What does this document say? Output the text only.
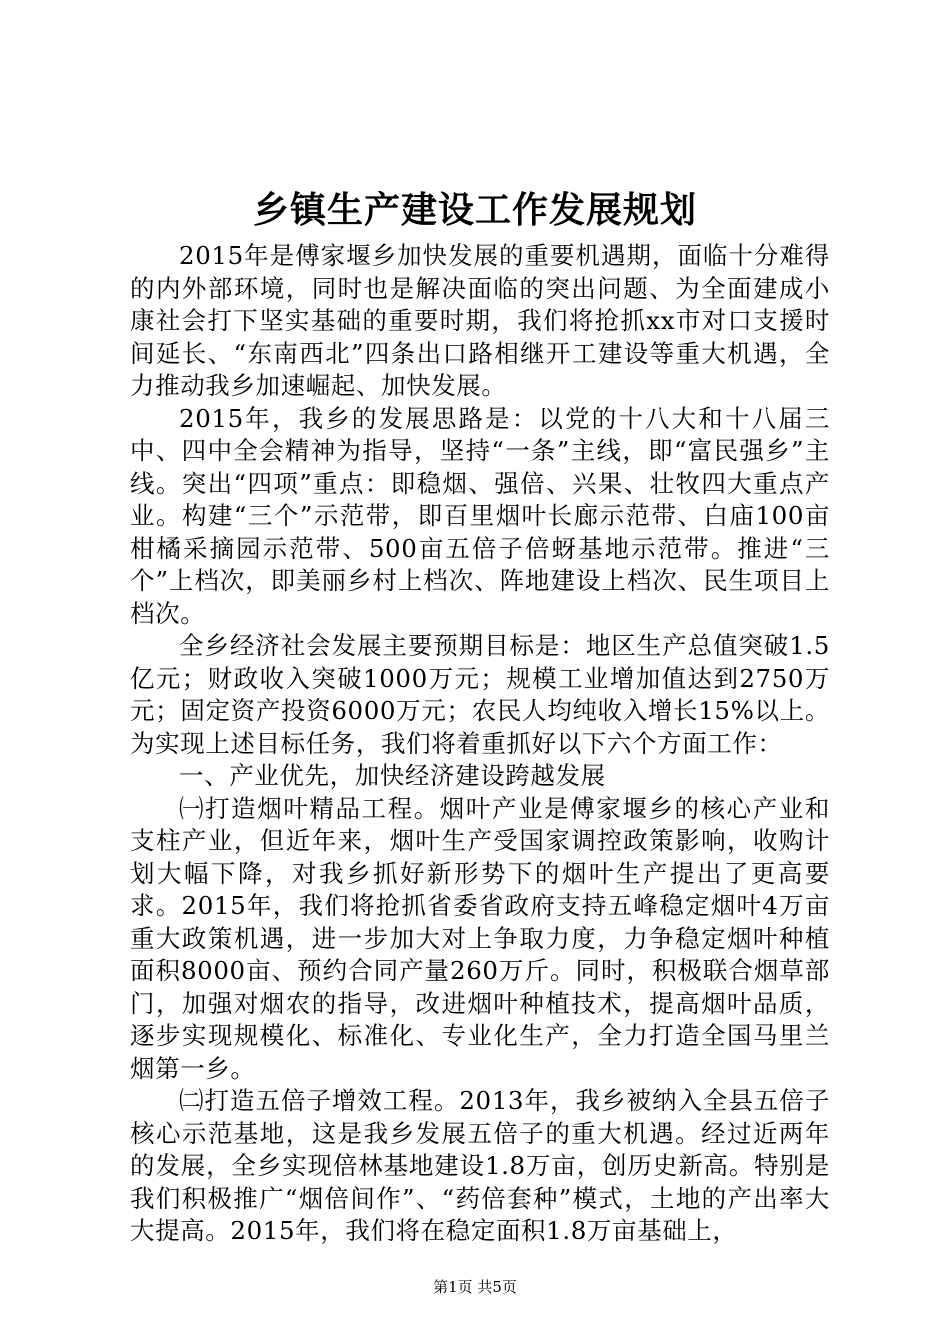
乡镇生产建设工作发展规划

2015年是傅家堰乡加快发展的重要机遇期，面临十分难得的内外部环境，同时也是解决面临的突出问题、为全面建成小康社会打下坚实基础的重要时期，我们将抢抓xx市对口支援时间延长、“东南西北”四条出口路相继开工建设等重大机遇，全力推动我乡加速崛起、加快发展。

2015年，我乡的发展思路是：以党的十八大和十八届三中、四中全会精神为指导，坚持“一条”主线，即“富民强乡”主线。突出“四项”重点：即稳烟、强倍、兴果、壮牧四大重点产业。构建“三个”示范带，即百里烟叶长廊示范带、白庙100亩柑橘采摘园示范带、500亩五倍子倍蚜基地示范带。推进“三个”上档次，即美丽乡村上档次、阵地建设上档次、民生项目上档次。

全乡经济社会发展主要预期目标是：地区生产总值突破1.5亿元；财政收入突破1000万元；规模工业增加值达到2750万元；固定资产投资6000万元；农民人均纯收入增长15%以上。为实现上述目标任务，我们将着重抓好以下六个方面工作：

一、产业优先，加快经济建设跨越发展

㈠打造烟叶精品工程。烟叶产业是傅家堰乡的核心产业和支柱产业，但近年来，烟叶生产受国家调控政策影响，收购计划大幅下降，对我乡抓好新形势下的烟叶生产提出了更高要求。2015年，我们将抢抓省委省政府支持五峰稳定烟叶4万亩重大政策机遇，进一步加大对上争取力度，力争稳定烟叶种植面积8000亩、预约合同产量260万斤。同时，积极联合烟草部门，加强对烟农的指导，改进烟叶种植技术，提高烟叶品质，逐步实现规模化、标准化、专业化生产，全力打造全国马里兰烟第一乡。

㈡打造五倍子增效工程。2013年，我乡被纳入全县五倍子核心示范基地，这是我乡发展五倍子的重大机遇。经过近两年的发展，全乡实现倍林基地建设1.8万亩，创历史新高。特别是我们积极推广“烟倍间作”、“药倍套种”模式，土地的产出率大大提高。2015年，我们将在稳定面积1.8万亩基础上，

第1页 共5页
